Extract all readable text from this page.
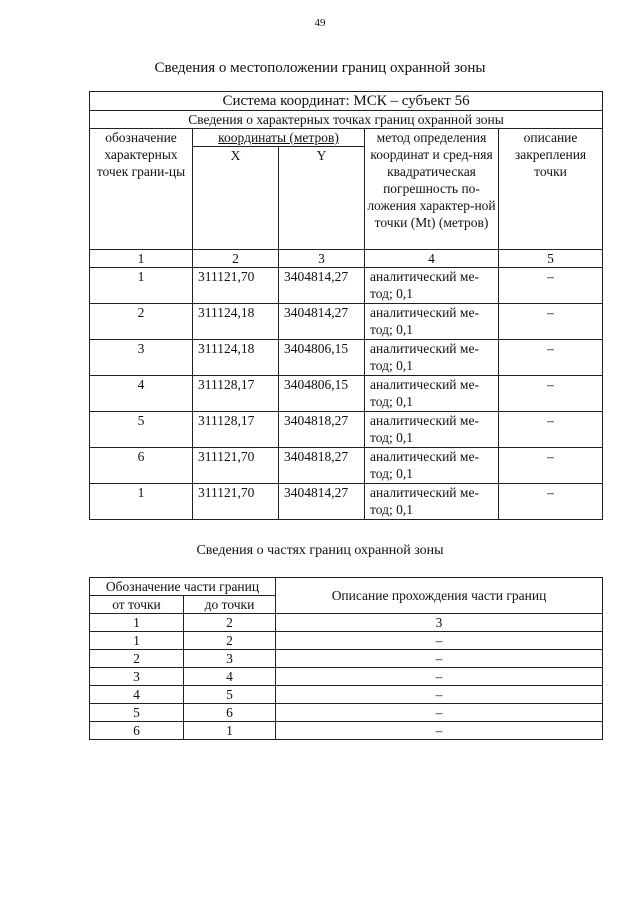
49
Сведения о местоположении границ охранной зоны
Система координат: МСК – субъект 56				
Сведения о характерных точках границ охранной зоны				

обозначение характерных точек грани-цы	координаты (метров)		метод определения координат и сред-няя квадратическая погрешность по-ложения характер-ной точки (Mt) (метров)	описание закрепления точки
	X	Y		
1	2	3	4	5
1	311121,70	3404814,27	аналитический ме-тод; 0,1	–
2	311124,18	3404814,27	аналитический ме-тод; 0,1	–
3	311124,18	3404806,15	аналитический ме-тод; 0,1	–
4	311128,17	3404806,15	аналитический ме-тод; 0,1	–
5	311128,17	3404818,27	аналитический ме-тод; 0,1	–
6	311121,70	3404818,27	аналитический ме-тод; 0,1	–
1	311121,70	3404814,27	аналитический ме-тод; 0,1	–
Сведения о частях границ охранной зоны
Обозначение части границ		Описание прохождения части границ
от точки	до точки	
1	2	3
1	2	–
2	3	–
3	4	–
4	5	–
5	6	–
6	1	–
